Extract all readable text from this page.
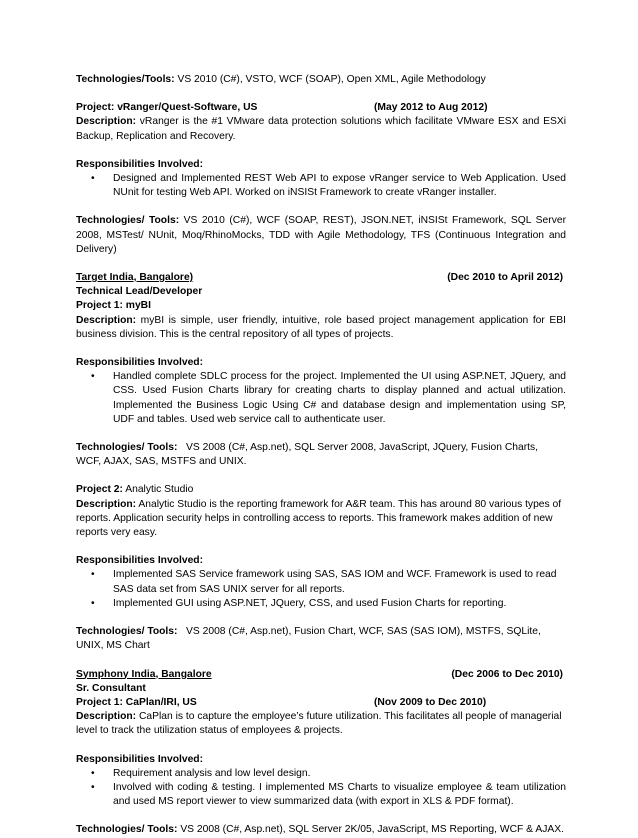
Technologies/Tools: VS 2010 (C#), VSTO, WCF (SOAP), Open XML, Agile Methodology

Project: vRanger/Quest-Software, US	(May 2012 to Aug 2012)

Description: vRanger is the #1 VMware data protection solutions which facilitate VMware ESX and ESXi Backup, Replication and Recovery.

Responsibilities Involved:

• Designed and Implemented REST Web API to expose vRanger service to Web Application. Used NUnit for testing Web API. Worked on iNSISt Framework to create vRanger installer.

Technologies/ Tools: VS 2010 (C#), WCF (SOAP, REST), JSON.NET, iNSISt Framework, SQL Server 2008, MSTest/ NUnit, Moq/RhinoMocks, TDD with Agile Methodology, TFS (Continuous Integration and Delivery)

Target India, Bangalore)	(Dec 2010 to April 2012)

Technical Lead/Developer

Project 1: myBI

Description: myBI is simple, user friendly, intuitive, role based project management application for EBI business division. This is the central repository of all types of projects.

Responsibilities Involved:

• Handled complete SDLC process for the project. Implemented the UI using ASP.NET, JQuery, and CSS. Used Fusion Charts library for creating charts to display planned and actual utilization. Implemented the Business Logic Using C# and database design and implementation using SP, UDF and tables. Used web service call to authenticate user.

Technologies/ Tools:   VS 2008 (C#, Asp.net), SQL Server 2008, JavaScript, JQuery, Fusion Charts, WCF, AJAX, SAS, MSTFS and UNIX.

Project 2: Analytic Studio

Description: Analytic Studio is the reporting framework for A&R team. This has around 80 various types of reports. Application security helps in controlling access to reports. This framework makes addition of new reports very easy.

Responsibilities Involved:

• Implemented SAS Service framework using SAS, SAS IOM and WCF. Framework is used to read SAS data set from SAS UNIX server for all reports.
• Implemented GUI using ASP.NET, JQuery, CSS, and used Fusion Charts for reporting.

Technologies/ Tools:   VS 2008 (C#, Asp.net), Fusion Chart, WCF, SAS (SAS IOM), MSTFS, SQLite, UNIX, MS Chart

Symphony India, Bangalore	(Dec 2006 to Dec 2010)

Sr. Consultant

Project 1: CaPlan/IRI, US	(Nov 2009 to Dec 2010)

Description: CaPlan is to capture the employee’s future utilization. This facilitates all people of managerial level to track the utilization status of employees & projects.

Responsibilities Involved:

• Requirement analysis and low level design.
• Involved with coding & testing. I implemented MS Charts to visualize employee & team utilization and used MS report viewer to view summarized data (with export in XLS & PDF format).

Technologies/ Tools: VS 2008 (C#, Asp.net), SQL Server 2K/05, JavaScript, MS Reporting, WCF & AJAX.
